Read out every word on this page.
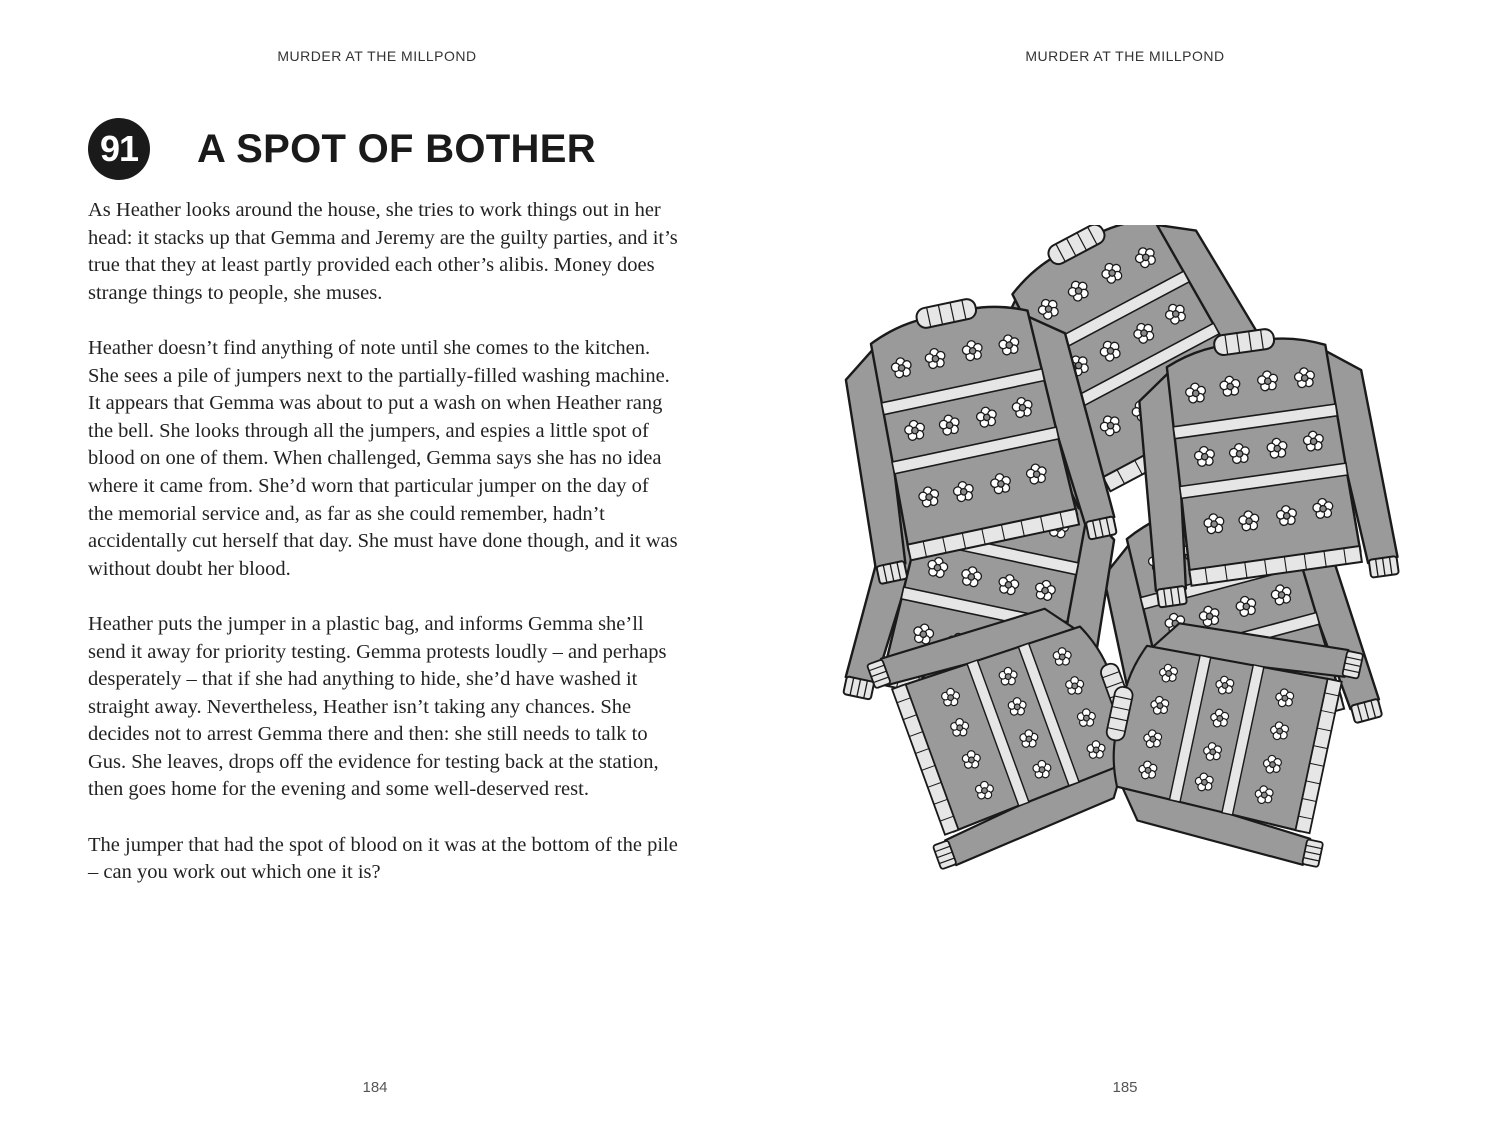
MURDER AT THE MILLPOND
91 A SPOT OF BOTHER

As Heather looks around the house, she tries to work things out in her head: it stacks up that Gemma and Jeremy are the guilty parties, and it’s true that they at least partly provided each other’s alibis. Money does strange things to people, she muses.

Heather doesn’t find anything of note until she comes to the kitchen. She sees a pile of jumpers next to the partially-filled washing machine. It appears that Gemma was about to put a wash on when Heather rang the bell. She looks through all the jumpers, and espies a little spot of blood on one of them. When challenged, Gemma says she has no idea where it came from. She’d worn that particular jumper on the day of the memorial service and, as far as she could remember, hadn’t accidentally cut herself that day. She must have done though, and it was without doubt her blood.

Heather puts the jumper in a plastic bag, and informs Gemma she’ll send it away for priority testing. Gemma protests loudly – and perhaps desperately – that if she had anything to hide, she’d have washed it straight away. Nevertheless, Heather isn’t taking any chances. She decides not to arrest Gemma there and then: she still needs to talk to Gus. She leaves, drops off the evidence for testing back at the station, then goes home for the evening and some well-deserved rest.

The jumper that had the spot of blood on it was at the bottom of the pile – can you work out which one it is?

184
MURDER AT THE MILLPOND
185
